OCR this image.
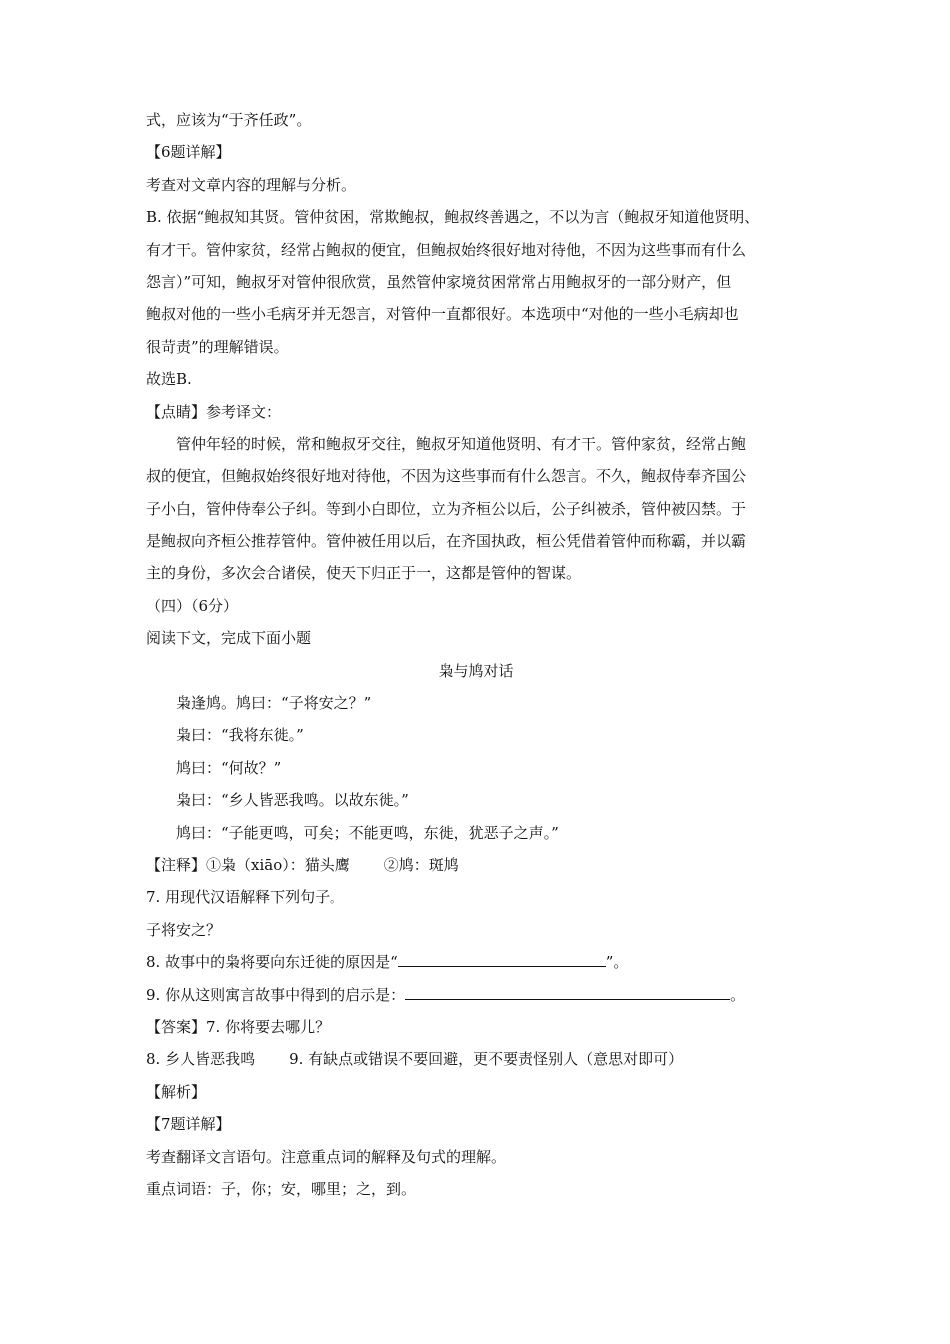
式，应该为“于齐任政”。

【6题详解】

考查对文章内容的理解与分析。

B. 依据“鲍叔知其贤。管仲贫困，常欺鲍叔，鲍叔终善遇之，不以为言（鲍叔牙知道他贤明、

有才干。管仲家贫，经常占鲍叔的便宜，但鲍叔始终很好地对待他，不因为这些事而有什么

怨言）”可知，鲍叔牙对管仲很欣赏，虽然管仲家境贫困常常占用鲍叔牙的一部分财产，但

鲍叔对他的一些小毛病牙并无怨言，对管仲一直都很好。本选项中“对他的一些小毛病却也

很苛责”的理解错误。

故选B.

【点睛】参考译文：

管仲年轻的时候，常和鲍叔牙交往，鲍叔牙知道他贤明、有才干。管仲家贫，经常占鲍

叔的便宜，但鲍叔始终很好地对待他，不因为这些事而有什么怨言。不久，鲍叔侍奉齐国公

子小白，管仲侍奉公子纠。等到小白即位，立为齐桓公以后，公子纠被杀，管仲被囚禁。于

是鲍叔向齐桓公推荐管仲。管仲被任用以后，在齐国执政，桓公凭借着管仲而称霸，并以霸

主的身份，多次会合诸侯，使天下归正于一，这都是管仲的智谋。

（四）（6分）

阅读下文，完成下面小题

枭与鸠对话

枭逢鸠。鸠曰：“子将安之？”

枭曰：“我将东徙。”

鸠曰：“何故？”

枭曰：“乡人皆恶我鸣。以故东徙。”

鸠曰：“子能更鸣，可矣；不能更鸣，东徙，犹恶子之声。”

【注释】①枭（xiāo）：猫头鹰 ②鸠：斑鸠

7. 用现代汉语解释下列句子。

子将安之？

8. 故事中的枭将要向东迁徙的原因是“	”。

9. 你从这则寓言故事中得到的启示是：	。

【答案】7. 你将要去哪儿？

8. 乡人皆恶我鸣 9. 有缺点或错误不要回避，更不要责怪别人（意思对即可）

【解析】

【7题详解】

考查翻译文言语句。注意重点词的解释及句式的理解。

重点词语：子，你；安，哪里；之，到。
